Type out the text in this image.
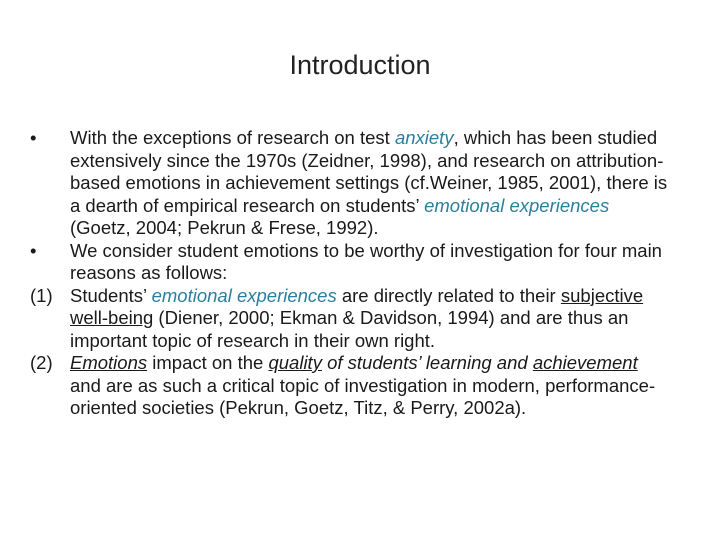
Introduction

• With the exceptions of research on test anxiety, which has been studied extensively since the 1970s (Zeidner, 1998), and research on attribution-based emotions in achievement settings (cf.Weiner, 1985, 2001), there is a dearth of empirical research on students’ emotional experiences (Goetz, 2004; Pekrun & Frese, 1992).

• We consider student emotions to be worthy of investigation for four main reasons as follows:

(1) Students’ emotional experiences are directly related to their subjective well-being (Diener, 2000; Ekman & Davidson, 1994) and are thus an important topic of research in their own right.

(2) Emotions impact on the quality of students’ learning and achievement and are as such a critical topic of investigation in modern, performance-oriented societies (Pekrun, Goetz, Titz, & Perry, 2002a).
